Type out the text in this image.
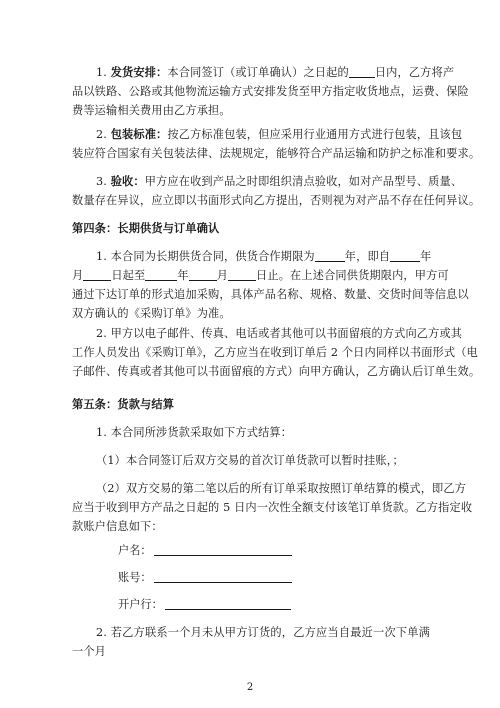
1. 发货安排：本合同签订（或订单确认）之日起的 日内，乙方将产
品以铁路、公路或其他物流运输方式安排发货至甲方指定收货地点，运费、保险
费等运输相关费用由乙方承担。
2. 包装标准：按乙方标准包装，但应采用行业通用方式进行包装，且该包
装应符合国家有关包装法律、法规规定，能够符合产品运输和防护之标准和要求。
3. 验收：甲方应在收到产品之时即组织清点验收，如对产品型号、质量、
数量存在异议，应立即以书面形式向乙方提出，否则视为对产品不存在任何异议。
第四条：长期供货与订单确认
1. 本合同为长期供货合同，供货合作期限为	年，即自	年
月	日起至	年	月	日止。在上述合同供货期限内，甲方可
通过下达订单的形式追加采购，具体产品名称、规格、数量、交货时间等信息以
双方确认的《采购订单》为准。
2. 甲方以电子邮件、传真、电话或者其他可以书面留痕的方式向乙方或其
工作人员发出《采购订单》，乙方应当在收到订单后 2 个日内同样以书面形式（电
子邮件、传真或者其他可以书面留痕的方式）向甲方确认，乙方确认后订单生效。
第五条：货款与结算
1. 本合同所涉货款采取如下方式结算：
（1）本合同签订后双方交易的首次订单货款可以暂时挂账，；
（2）双方交易的第二笔以后的所有订单采取按照订单结算的模式，即乙方
应当于收到甲方产品之日起的 5 日内一次性全额支付该笔订单货款。乙方指定收
款账户信息如下：
户名：
账号：
开户行：
2. 若乙方联系一个月未从甲方订货的，乙方应当自最近一次下单满一个月
2
